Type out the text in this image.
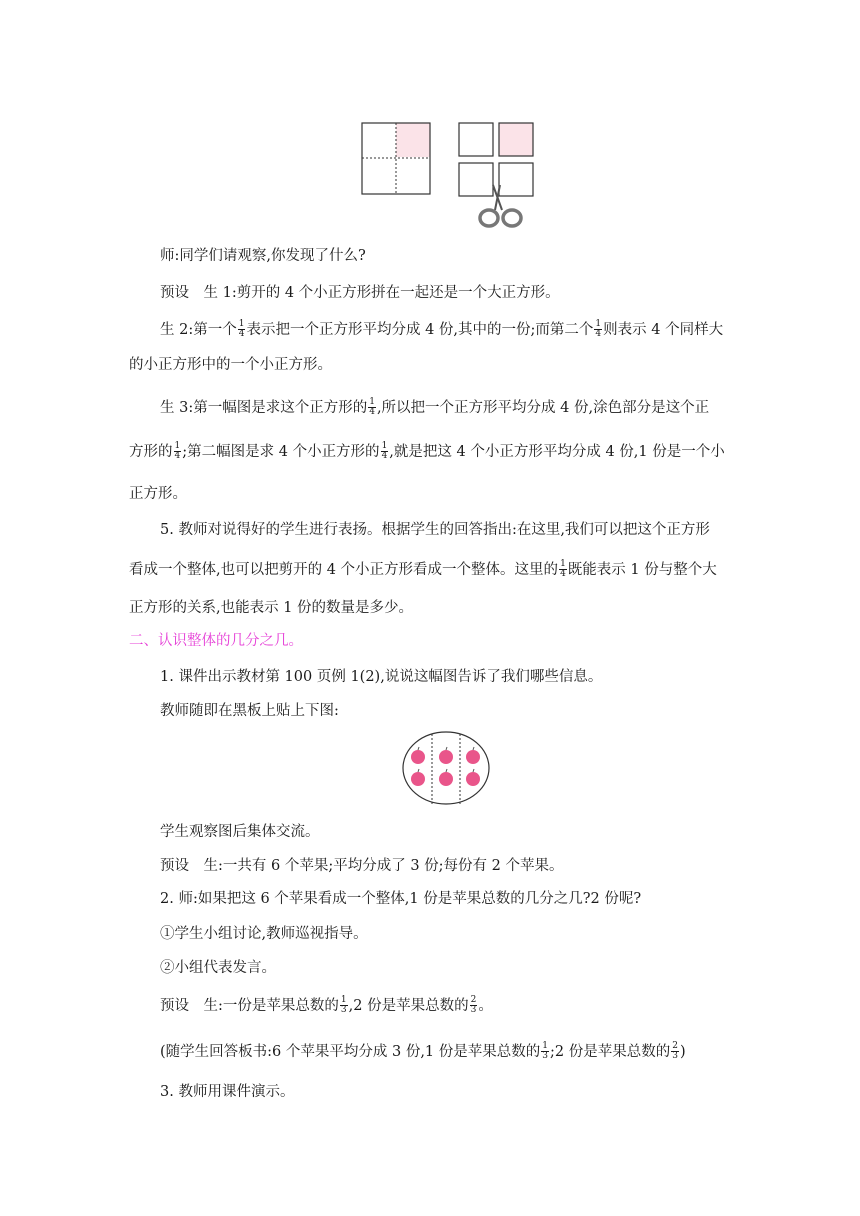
师:同学们请观察,你发现了什么?
预设　生 1:剪开的 4 个小正方形拼在一起还是一个大正方形。
生 2:第一个 $\frac{1}{4}$ 表示把一个正方形平均分成 4 份,其中的一份;而第二个 $\frac{1}{4}$ 则表示 4 个同样大
的小正方形中的一个小正方形。
生 3:第一幅图是求这个正方形的 $\frac{1}{4}$ ,所以把一个正方形平均分成 4 份,涂色部分是这个正
方形的 $\frac{1}{4}$ ;第二幅图是求 4 个小正方形的 $\frac{1}{4}$ ,就是把这 4 个小正方形平均分成 4 份,1 份是一个小
正方形。
5. 教师对说得好的学生进行表扬。根据学生的回答指出:在这里,我们可以把这个正方形
看成一个整体,也可以把剪开的 4 个小正方形看成一个整体。这里的 $\frac{1}{4}$ 既能表示 1 份与整个大
正方形的关系,也能表示 1 份的数量是多少。
二、认识整体的几分之几。
1. 课件出示教材第 100 页例 1(2),说说这幅图告诉了我们哪些信息。
教师随即在黑板上贴上下图:
学生观察图后集体交流。
预设　生:一共有 6 个苹果;平均分成了 3 份;每份有 2 个苹果。
2. 师:如果把这 6 个苹果看成一个整体,1 份是苹果总数的几分之几?2 份呢?
①学生小组讨论,教师巡视指导。
②小组代表发言。
预设　生:一份是苹果总数的 $\frac{1}{3} ,2$ 份是苹果总数的 $\frac{2}{3}$ 。
(随学生回答板书:6 个苹果平均分成 3 份,1 份是苹果总数的 $\frac{1}{3}$ ;2 份是苹果总数的 $\frac{2}{3}$ )
3. 教师用课件演示。
